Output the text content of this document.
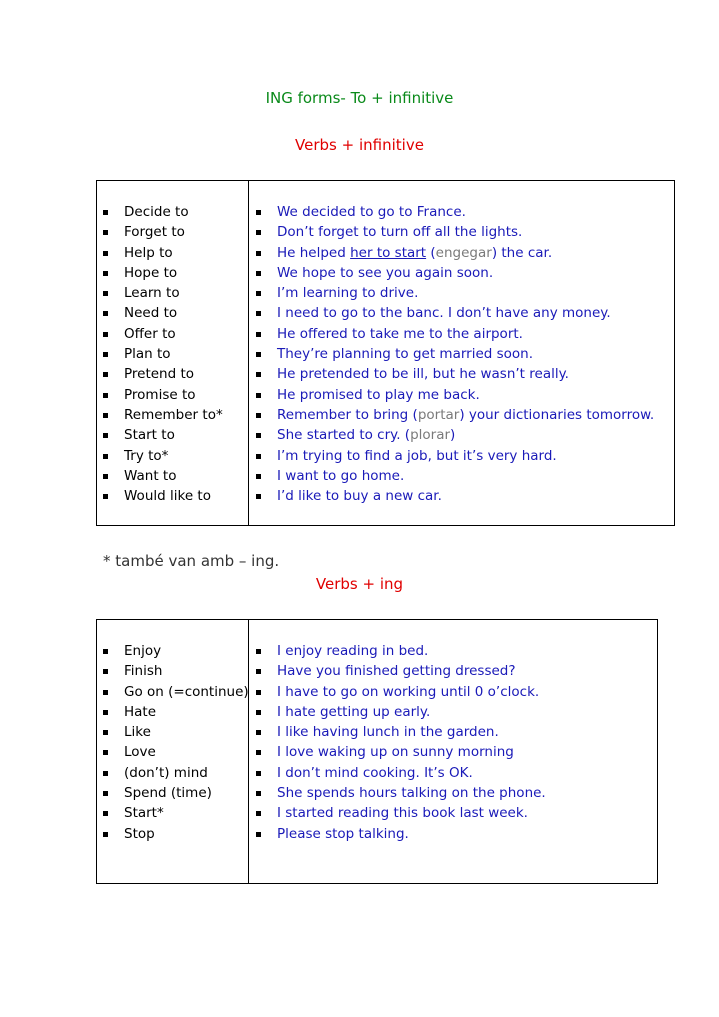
ING forms- To + infinitive
Verbs + infinitive
Decide to
Forget to
Help to
Hope to
Learn to
Need to
Offer to
Plan to
Pretend to
Promise to
Remember to*
Start to
Try to*
Want to
Would like to
We decided to go to France.
Don’t forget to turn off all the lights.
He helped her to start (engegar) the car.
We hope to see you again soon.
I’m learning to drive.
I need to go to the banc. I don’t have any money.
He offered to take me to the airport.
They’re planning to get married soon.
He pretended to be ill, but he wasn’t really.
He promised to play me back.
Remember to bring (portar) your dictionaries tomorrow.
She started to cry. (plorar)
I’m trying to find a job, but it’s very hard.
I want to go home.
I’d like to buy a new car.

* també van amb – ing.

Verbs + ing
Enjoy
Finish
Go on (=continue)
Hate
Like
Love
(don’t) mind
Spend (time)
Start*
Stop
I enjoy reading in bed.
Have you finished getting dressed?
I have to go on working until 0 o’clock.
I hate getting up early.
I like having lunch in the garden.
I love waking up on sunny morning
I don’t mind cooking. It’s OK.
She spends hours talking on the phone.
I started reading this book last week.
Please stop talking.
